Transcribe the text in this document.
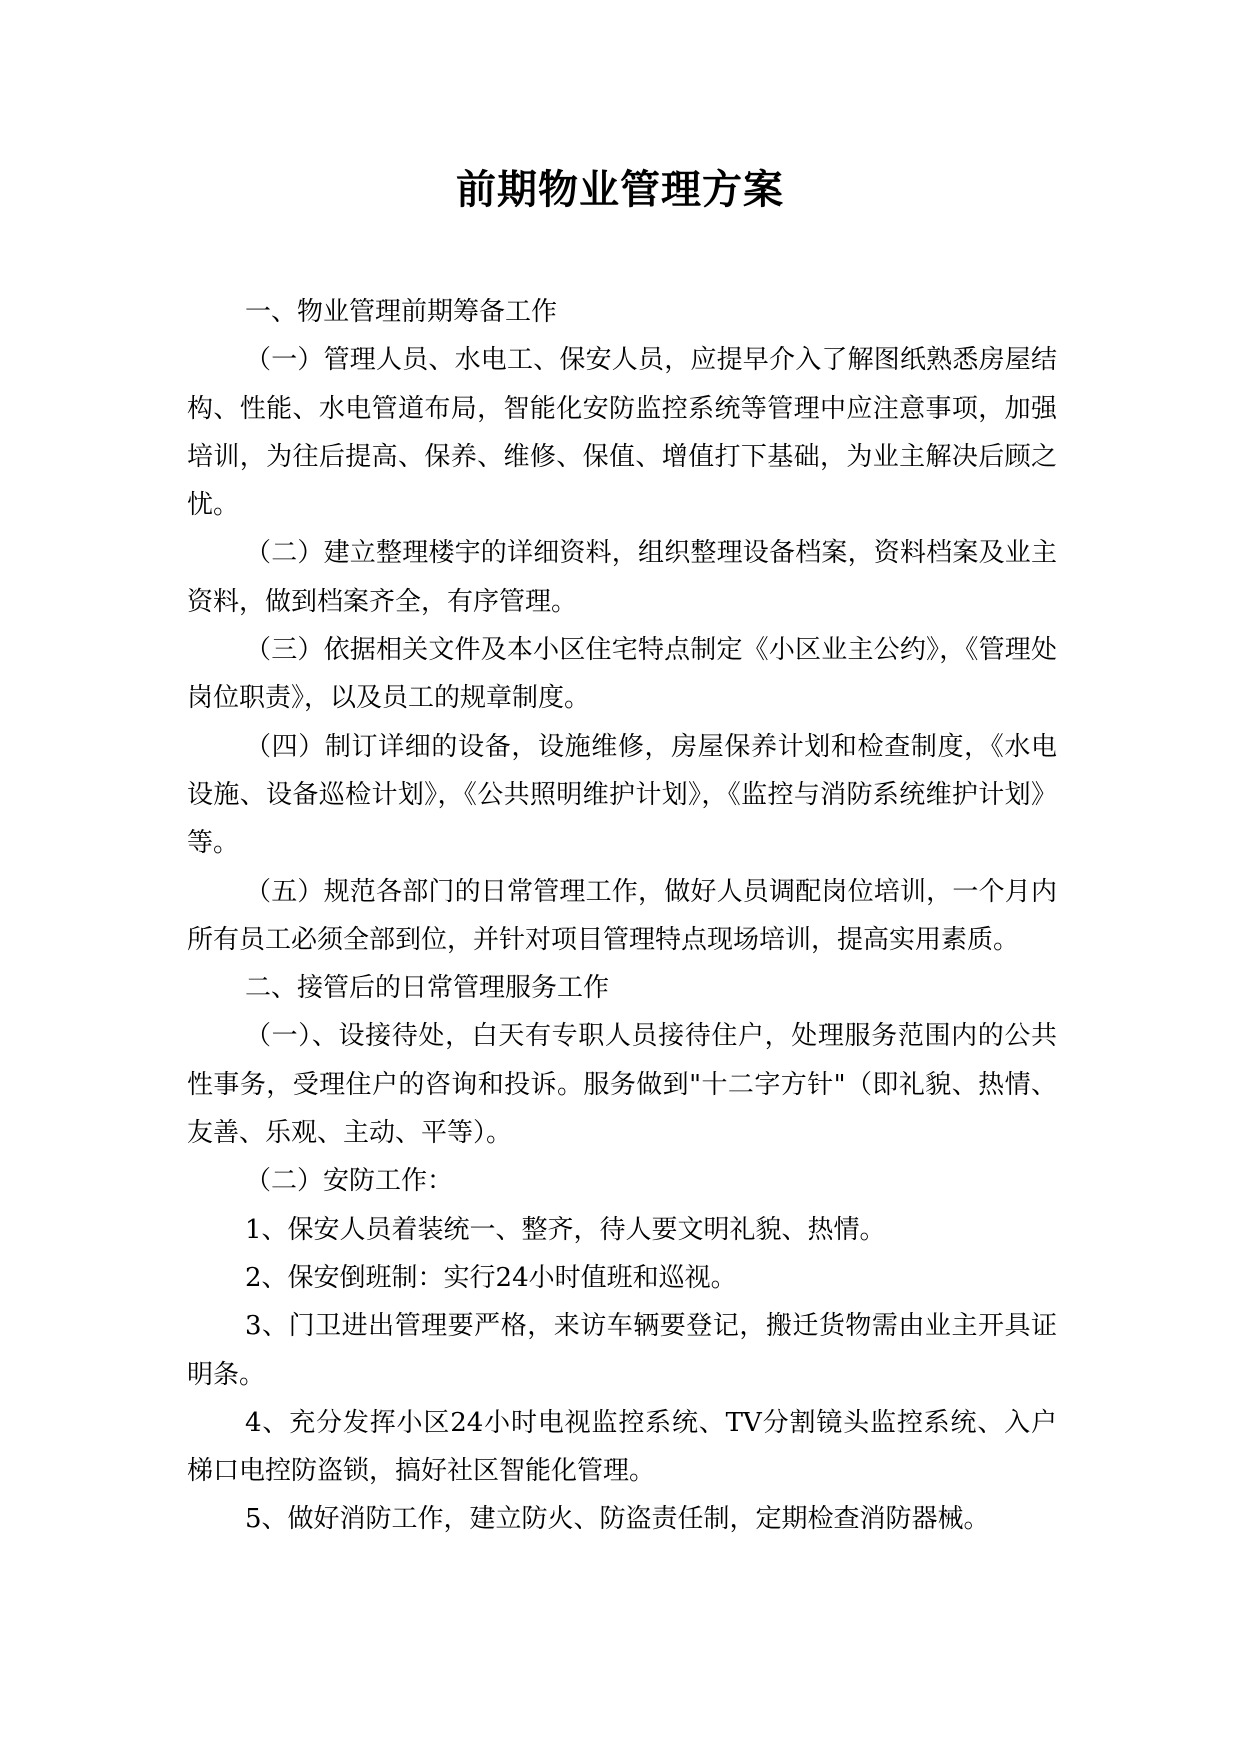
前期物业管理方案

一、物业管理前期筹备工作

（一）管理人员、水电工、保安人员，应提早介入了解图纸熟悉房屋结构、性能、水电管道布局，智能化安防监控系统等管理中应注意事项，加强培训，为往后提高、保养、维修、保值、增值打下基础，为业主解决后顾之忧。

（二）建立整理楼宇的详细资料，组织整理设备档案，资料档案及业主资料，做到档案齐全，有序管理。

（三）依据相关文件及本小区住宅特点制定《小区业主公约》，《管理处岗位职责》，以及员工的规章制度。

（四）制订详细的设备，设施维修，房屋保养计划和检查制度，《水电设施、设备巡检计划》，《公共照明维护计划》，《监控与消防系统维护计划》等。

（五）规范各部门的日常管理工作，做好人员调配岗位培训，一个月内所有员工必须全部到位，并针对项目管理特点现场培训，提高实用素质。

二、接管后的日常管理服务工作

（一）、设接待处，白天有专职人员接待住户，处理服务范围内的公共性事务，受理住户的咨询和投诉。服务做到"十二字方针"（即礼貌、热情、友善、乐观、主动、平等）。

（二）安防工作：

1、保安人员着装统一、整齐，待人要文明礼貌、热情。

2、保安倒班制：实行24小时值班和巡视。

3、门卫进出管理要严格，来访车辆要登记，搬迁货物需由业主开具证明条。

4、充分发挥小区24小时电视监控系统、TV分割镜头监控系统、入户梯口电控防盗锁，搞好社区智能化管理。

5、做好消防工作，建立防火、防盗责任制，定期检查消防器械。
